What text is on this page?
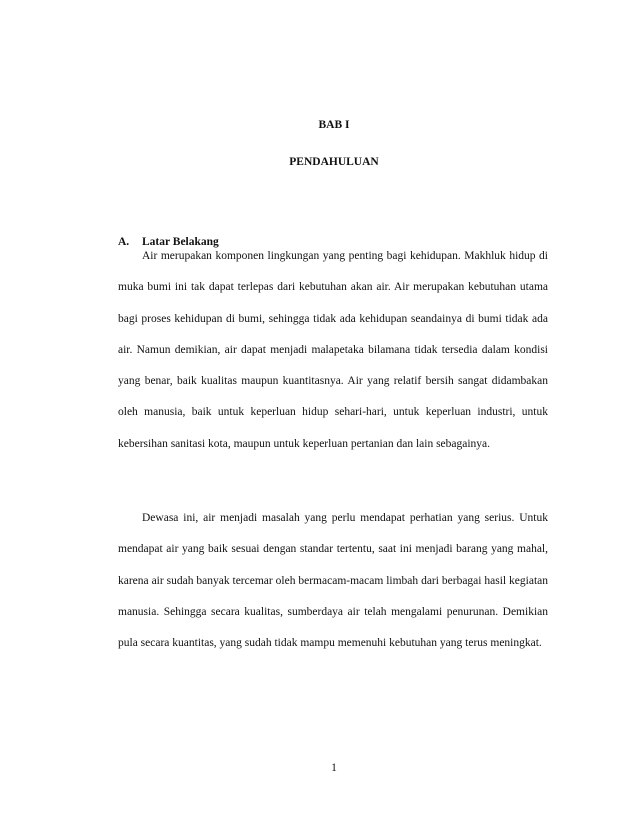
BAB I
PENDAHULUAN
A. Latar Belakang

Air merupakan komponen lingkungan yang penting bagi kehidupan. Makhluk hidup di muka bumi ini tak dapat terlepas dari kebutuhan akan air. Air merupakan kebutuhan utama bagi proses kehidupan di bumi, sehingga tidak ada kehidupan seandainya di bumi tidak ada air. Namun demikian, air dapat menjadi malapetaka bilamana tidak tersedia dalam kondisi yang benar, baik kualitas maupun kuantitasnya. Air yang relatif bersih sangat didambakan oleh manusia, baik untuk keperluan hidup sehari-hari, untuk keperluan industri, untuk kebersihan sanitasi kota, maupun untuk keperluan pertanian dan lain sebagainya.

Dewasa ini, air menjadi masalah yang perlu mendapat perhatian yang serius. Untuk mendapat air yang baik sesuai dengan standar tertentu, saat ini menjadi barang yang mahal, karena air sudah banyak tercemar oleh bermacam-macam limbah dari berbagai hasil kegiatan manusia. Sehingga secara kualitas, sumberdaya air telah mengalami penurunan. Demikian pula secara kuantitas, yang sudah tidak mampu memenuhi kebutuhan yang terus meningkat.

1
